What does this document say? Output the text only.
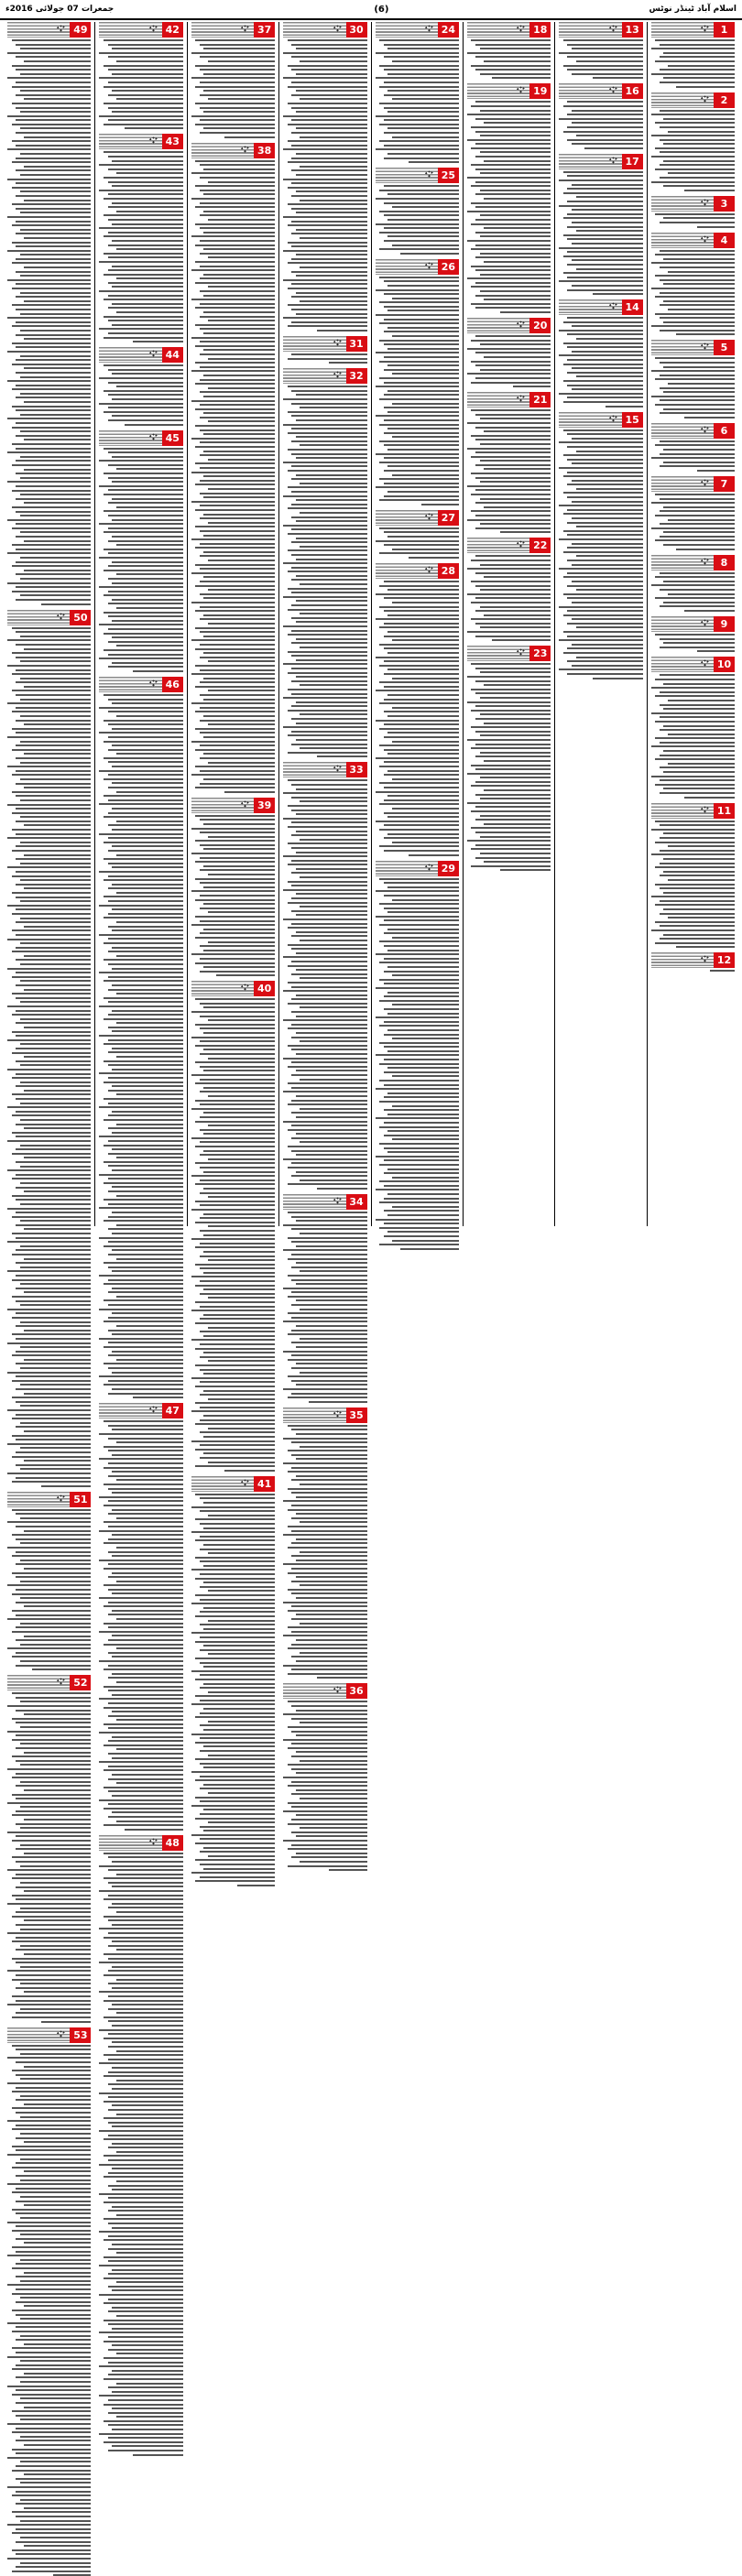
اسلام آباد ٹینڈر نوٹس
(6)
جمعرات 07 جولائی 2016ء
1
2
3
4
5
6
7
8
9
10
11
12
13
16
17
14
15
18
19
20
21
22
23
24
25
26
27
28
29
30
31
32
33
34
35
36
37
38
39
40
41
42
43
44
45
46
47
48
49
50
51
52
53
